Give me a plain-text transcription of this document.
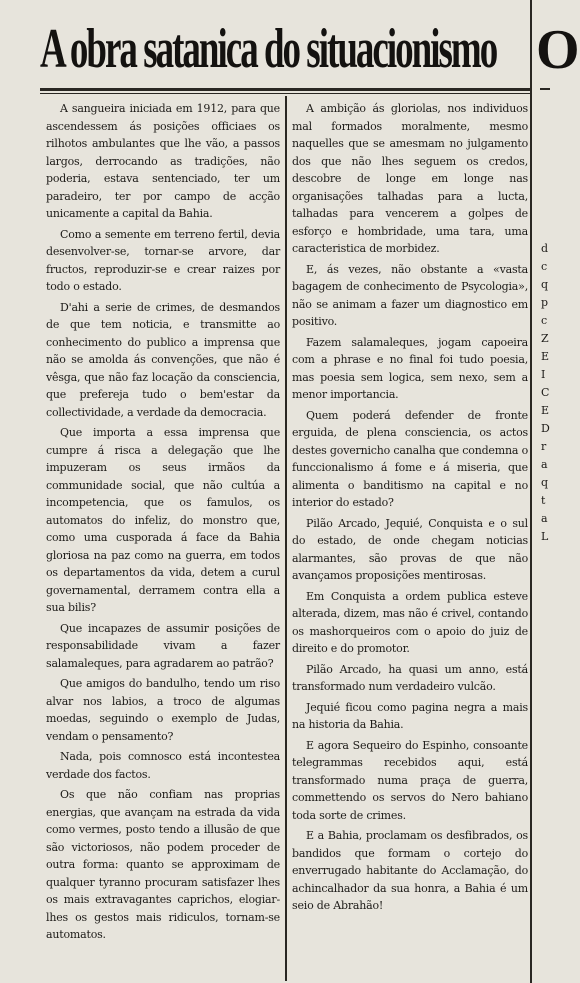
A obra satanica do situacionismo O

A sangueira iniciada em 1912, para que ascendessem ás posições officiaes os rilhotos ambulantes que lhe vão, a passos largos, derrocando as tradições, não poderia, estava sentenciado, ter um paradeiro, ter por campo de acção unicamente a capital da Bahia.

Como a semente em terreno fertil, devia desenvolver-se, tornar-se arvore, dar fructos, reproduzir-se e crear raizes por todo o estado.

D'ahi a serie de crimes, de desmandos de que tem noticia, e transmitte ao conhecimento do publico a imprensa que não se amolda ás convenções, que não é vêsga, que não faz locação da consciencia, que prefereja tudo o bem'estar da collectividade, a verdade da democracia.

Que importa a essa imprensa que cumpre á risca a delegação que lhe impuzeram os seus irmãos da communidade social, que não cultúa a incompetencia, que os famulos, os automatos do infeliz, do monstro que, como uma cusporada á face da Bahia gloriosa na paz como na guerra, em todos os departamentos da vida, detem a curul governamental, derramem contra ella a sua bilis?

Que incapazes de assumir posições de responsabilidade vivam a fazer salamaleques, para agradarem ao patrão?

Que amigos do bandulho, tendo um riso alvar nos labios, a troco de algumas moedas, seguindo o exemplo de Judas, vendam o pensamento?

Nada, pois comnosco está incontestea verdade dos factos.

Os que não confiam nas proprias energias, que avançam na estrada da vida como vermes, posto tendo a illusão de que são victoriosos, não podem proceder de outra forma: quanto se approximam de qualquer tyranno procuram satisfazer lhes os mais extravagantes caprichos, elogiar-lhes os gestos mais ridiculos, tornam-se automatos.

A ambição ás gloriolas, nos individuos mal formados moralmente, mesmo naquelles que se amesmam no julgamento dos que não lhes seguem os credos, descobre de longe em longe nas organisações talhadas para a lucta, talhadas para vencerem a golpes de esforço e hombridade, uma tara, uma caracteristica de morbidez.

E, ás vezes, não obstante a «vasta bagagem de conhecimento de Psycologia», não se animam a fazer um diagnostico em positivo.

Fazem salamaleques, jogam capoeira com a phrase e no final foi tudo poesia, mas poesia sem logica, sem nexo, sem a menor importancia.

Quem poderá defender de fronte erguida, de plena consciencia, os actos destes governicho canalha que condemna o funccionalismo á fome e á miseria, que alimenta o banditismo na capital e no interior do estado?

Pilão Arcado, Jequié, Conquista e o sul do estado, de onde chegam noticias alarmantes, são provas de que não avançamos proposições mentirosas.

Em Conquista a ordem publica esteve alterada, dizem, mas não é crivel, contando os mashorqueiros com o apoio do juiz de direito e do promotor.

Pilão Arcado, ha quasi um anno, está transformado num verdadeiro vulcão.

Jequié ficou como pagina negra a mais na historia da Bahia.

E agora Sequeiro do Espinho, consoante telegrammas recebidos aqui, está transformado numa praça de guerra, commettendo os servos do Nero bahiano toda sorte de crimes.

E a Bahia, proclamam os desfibrados, os bandidos que formam o cortejo do enverrugado habitante do Acclamação, do achincalhador da sua honra, a Bahia é um seio de Abrahão!

d
c
q
p
c
Z
E
I
C
E
D
r
a
q
t
a
L
